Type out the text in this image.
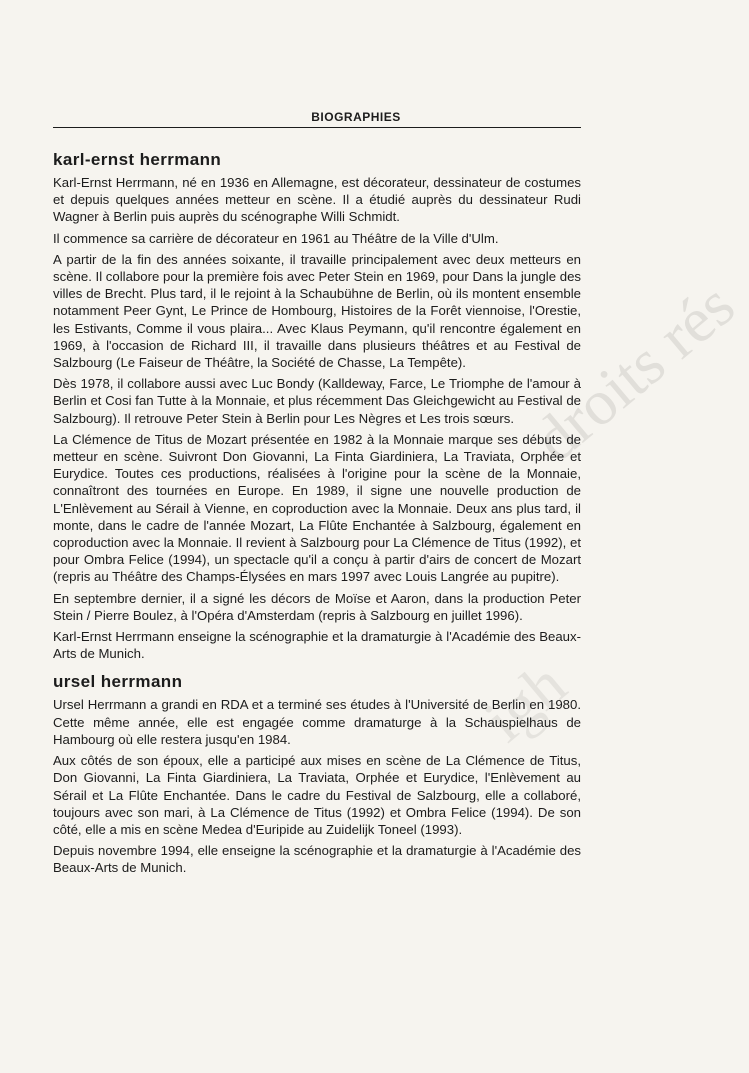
droits rés
igh
BIOGRAPHIES
karl-ernst herrmann

Karl-Ernst Herrmann, né en 1936 en Allemagne, est décorateur, dessinateur de costumes et depuis quelques années metteur en scène. Il a étudié auprès du dessinateur Rudi Wagner à Berlin puis auprès du scénographe Willi Schmidt.

Il commence sa carrière de décorateur en 1961 au Théâtre de la Ville d'Ulm.

A partir de la fin des années soixante, il travaille principalement avec deux metteurs en scène. Il collabore pour la première fois avec Peter Stein en 1969, pour Dans la jungle des villes de Brecht. Plus tard, il le rejoint à la Schaubühne de Berlin, où ils montent ensemble notamment Peer Gynt, Le Prince de Hombourg, Histoires de la Forêt viennoise, l'Orestie, les Estivants, Comme il vous plaira... Avec Klaus Peymann, qu'il rencontre également en 1969, à l'occasion de Richard III, il travaille dans plusieurs théâtres et au Festival de Salzbourg (Le Faiseur de Théâtre, la Société de Chasse, La Tempête).

Dès 1978, il collabore aussi avec Luc Bondy (Kalldeway, Farce, Le Triomphe de l'amour à Berlin et Cosi fan Tutte à la Monnaie, et plus récemment Das Gleichgewicht au Festival de Salzbourg). Il retrouve Peter Stein à Berlin pour Les Nègres et Les trois sœurs.

La Clémence de Titus de Mozart présentée en 1982 à la Monnaie marque ses débuts de metteur en scène. Suivront Don Giovanni, La Finta Giardiniera, La Traviata, Orphée et Eurydice. Toutes ces productions, réalisées à l'origine pour la scène de la Monnaie, connaîtront des tournées en Europe. En 1989, il signe une nouvelle production de L'Enlèvement au Sérail à Vienne, en coproduction avec la Monnaie. Deux ans plus tard, il monte, dans le cadre de l'année Mozart, La Flûte Enchantée à Salzbourg, également en coproduction avec la Monnaie. Il revient à Salzbourg pour La Clémence de Titus (1992), et pour Ombra Felice (1994), un spectacle qu'il a conçu à partir d'airs de concert de Mozart (repris au Théâtre des Champs-Élysées en mars 1997 avec Louis Langrée au pupitre).

En septembre dernier, il a signé les décors de Moïse et Aaron, dans la production Peter Stein / Pierre Boulez, à l'Opéra d'Amsterdam (repris à Salzbourg en juillet 1996).

Karl-Ernst Herrmann enseigne la scénographie et la dramaturgie à l'Académie des Beaux-Arts de Munich.

ursel herrmann

Ursel Herrmann a grandi en RDA et a terminé ses études à l'Université de Berlin en 1980. Cette même année, elle est engagée comme dramaturge à la Schauspielhaus de Hambourg où elle restera jusqu'en 1984.

Aux côtés de son époux, elle a participé aux mises en scène de La Clémence de Titus, Don Giovanni, La Finta Giardiniera, La Traviata, Orphée et Eurydice, l'Enlèvement au Sérail et La Flûte Enchantée. Dans le cadre du Festival de Salzbourg, elle a collaboré, toujours avec son mari, à La Clémence de Titus (1992) et Ombra Felice (1994). De son côté, elle a mis en scène Medea d'Euripide au Zuidelijk Toneel (1993).

Depuis novembre 1994, elle enseigne la scénographie et la dramaturgie à l'Académie des Beaux-Arts de Munich.
